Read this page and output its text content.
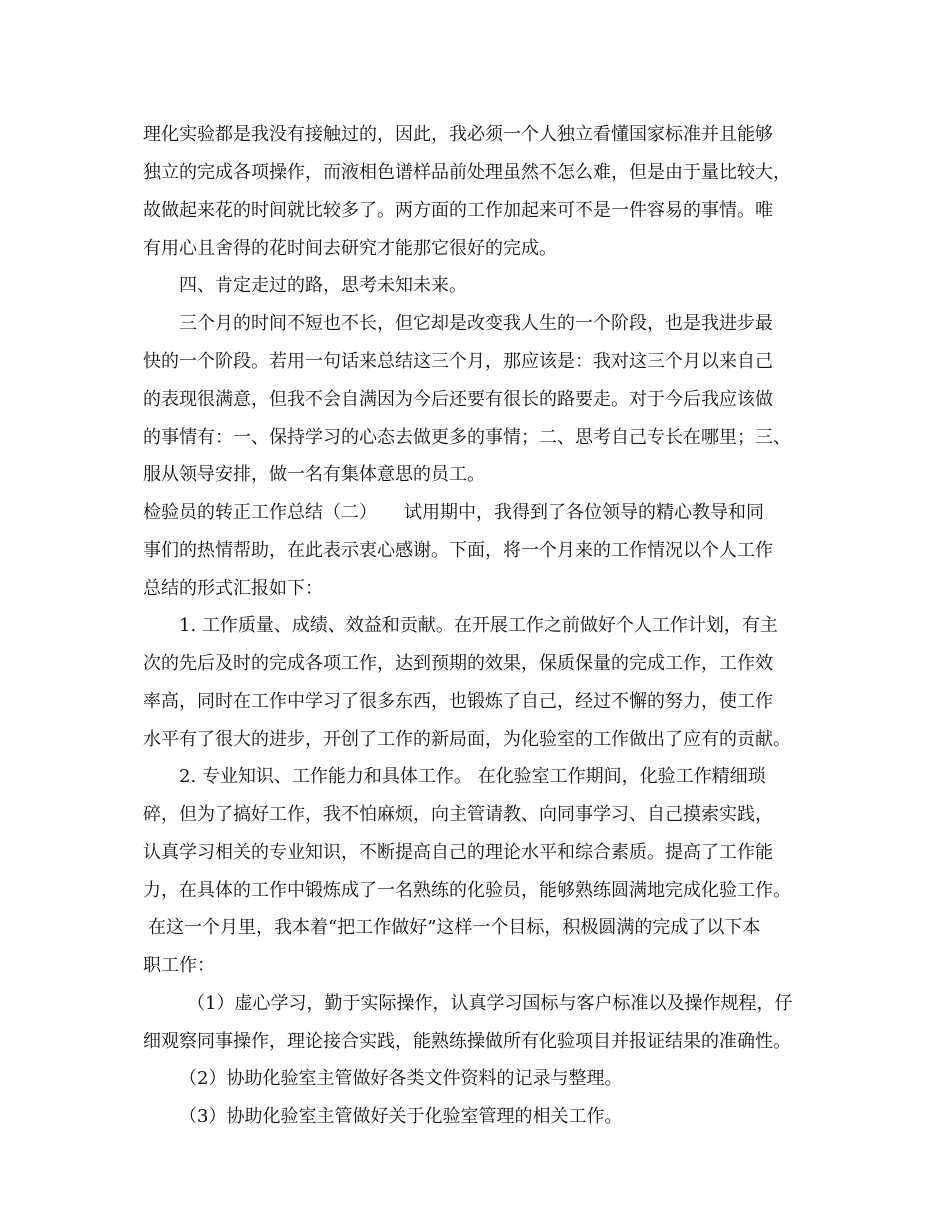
理化实验都是我没有接触过的，因此，我必须一个人独立看懂国家标准并且能够
独立的完成各项操作，而液相色谱样品前处理虽然不怎么难，但是由于量比较大，
故做起来花的时间就比较多了。两方面的工作加起来可不是一件容易的事情。唯
有用心且舍得的花时间去研究才能那它很好的完成。
四、肯定走过的路，思考未知未来。
三个月的时间不短也不长，但它却是改变我人生的一个阶段，也是我进步最
快的一个阶段。若用一句话来总结这三个月，那应该是：我对这三个月以来自己
的表现很满意，但我不会自满因为今后还要有很长的路要走。对于今后我应该做
的事情有：一、保持学习的心态去做更多的事情；二、思考自己专长在哪里；三、
服从领导安排，做一名有集体意思的员工。
检验员的转正工作总结（二）　　试用期中，我得到了各位领导的精心教导和同
事们的热情帮助，在此表示衷心感谢。下面，将一个月来的工作情况以个人工作
总结的形式汇报如下：
1. 工作质量、成绩、效益和贡献。在开展工作之前做好个人工作计划，有主
次的先后及时的完成各项工作，达到预期的效果，保质保量的完成工作，工作效
率高，同时在工作中学习了很多东西，也锻炼了自己，经过不懈的努力，使工作
水平有了很大的进步，开创了工作的新局面，为化验室的工作做出了应有的贡献。
2. 专业知识、工作能力和具体工作。 在化验室工作期间，化验工作精细琐
碎，但为了搞好工作，我不怕麻烦，向主管请教、向同事学习、自己摸索实践，
认真学习相关的专业知识，不断提高自己的理论水平和综合素质。提高了工作能
力，在具体的工作中锻炼成了一名熟练的化验员，能够熟练圆满地完成化验工作。
在这一个月里，我本着“把工作做好”这样一个目标，积极圆满的完成了以下本
职工作：
（1）虚心学习，勤于实际操作，认真学习国标与客户标准以及操作规程，仔
细观察同事操作，理论接合实践，能熟练操做所有化验项目并报证结果的准确性。
（2）协助化验室主管做好各类文件资料的记录与整理。
（3）协助化验室主管做好关于化验室管理的相关工作。
